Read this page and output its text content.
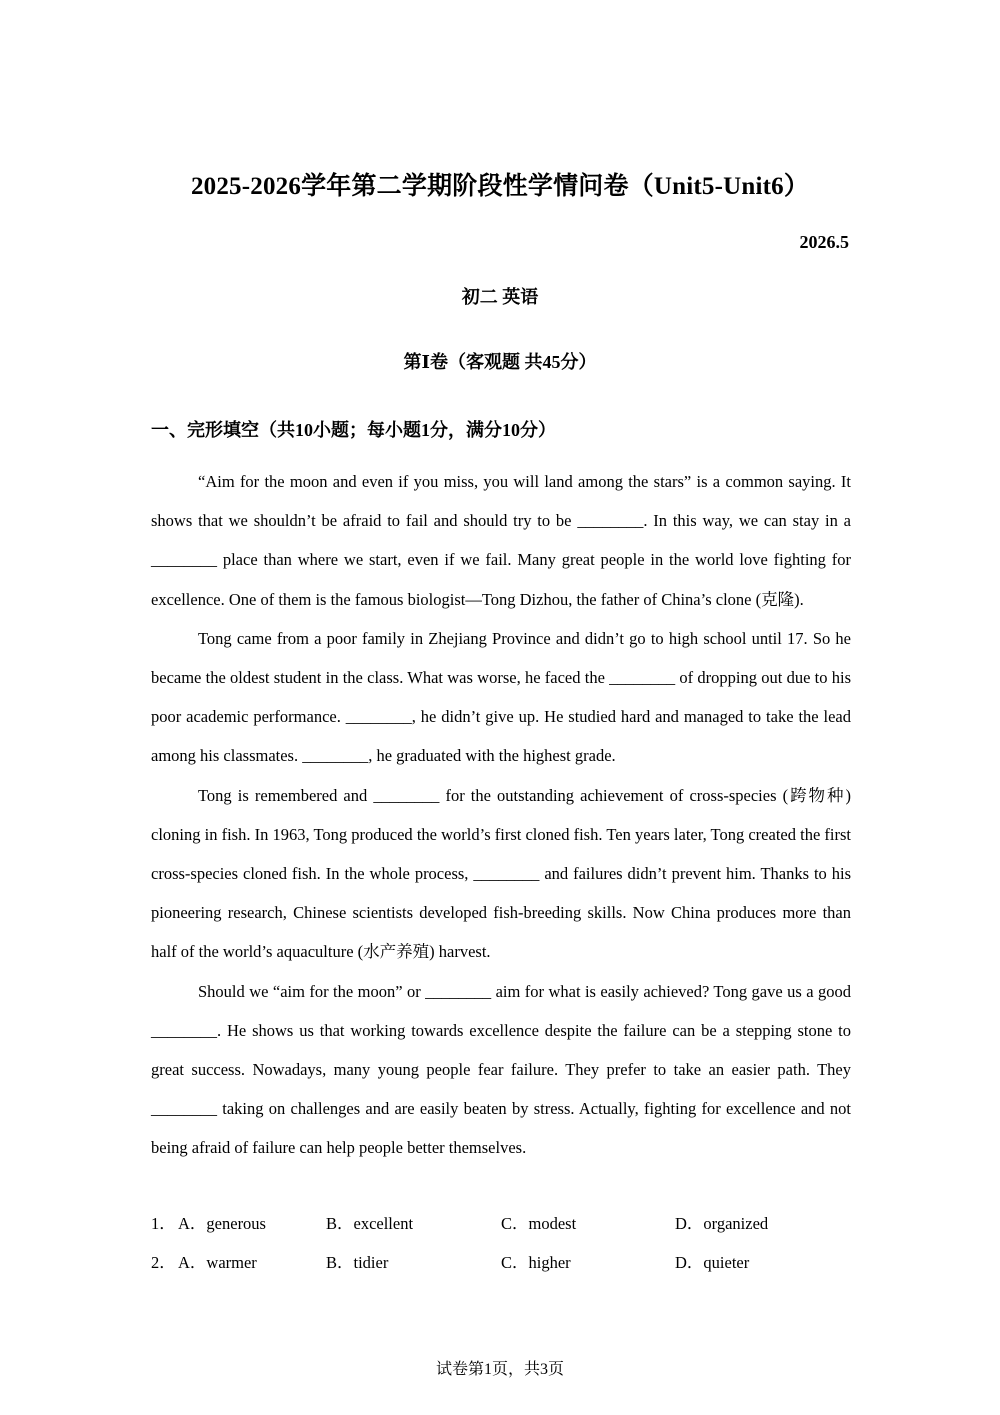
2025-2026学年第二学期阶段性学情问卷（Unit5-Unit6）
2026.5
初二 英语
第Ⅰ卷（客观题 共45分）
一、完形填空（共10小题；每小题1分，满分10分）

“Aim for the moon and even if you miss, you will land among the stars” is a common saying. It shows that we shouldn’t be afraid to fail and should try to be ________. In this way, we can stay in a ________ place than where we start, even if we fail. Many great people in the world love fighting for excellence. One of them is the famous biologist—Tong Dizhou, the father of China’s clone (克隆).

Tong came from a poor family in Zhejiang Province and didn’t go to high school until 17. So he became the oldest student in the class. What was worse, he faced the ________ of dropping out due to his poor academic performance. ________, he didn’t give up. He studied hard and managed to take the lead among his classmates. ________, he graduated with the highest grade.

Tong is remembered and ________ for the outstanding achievement of cross-species (跨物种) cloning in fish. In 1963, Tong produced the world’s first cloned fish. Ten years later, Tong created the first cross-species cloned fish. In the whole process, ________ and failures didn’t prevent him. Thanks to his pioneering research, Chinese scientists developed fish-breeding skills. Now China produces more than half of the world’s aquaculture (水产养殖) harvest.

Should we “aim for the moon” or ________ aim for what is easily achieved? Tong gave us a good ________. He shows us that working towards excellence despite the failure can be a stepping stone to great success. Nowadays, many young people fear failure. They prefer to take an easier path. They ________ taking on challenges and are easily beaten by stress. Actually, fighting for excellence and not being afraid of failure can help people better themselves.

1． A．generous	B．excellent	C．modest	D．organized
2． A．warmer	B．tidier	C．higher	D．quieter
试卷第1页，共3页
